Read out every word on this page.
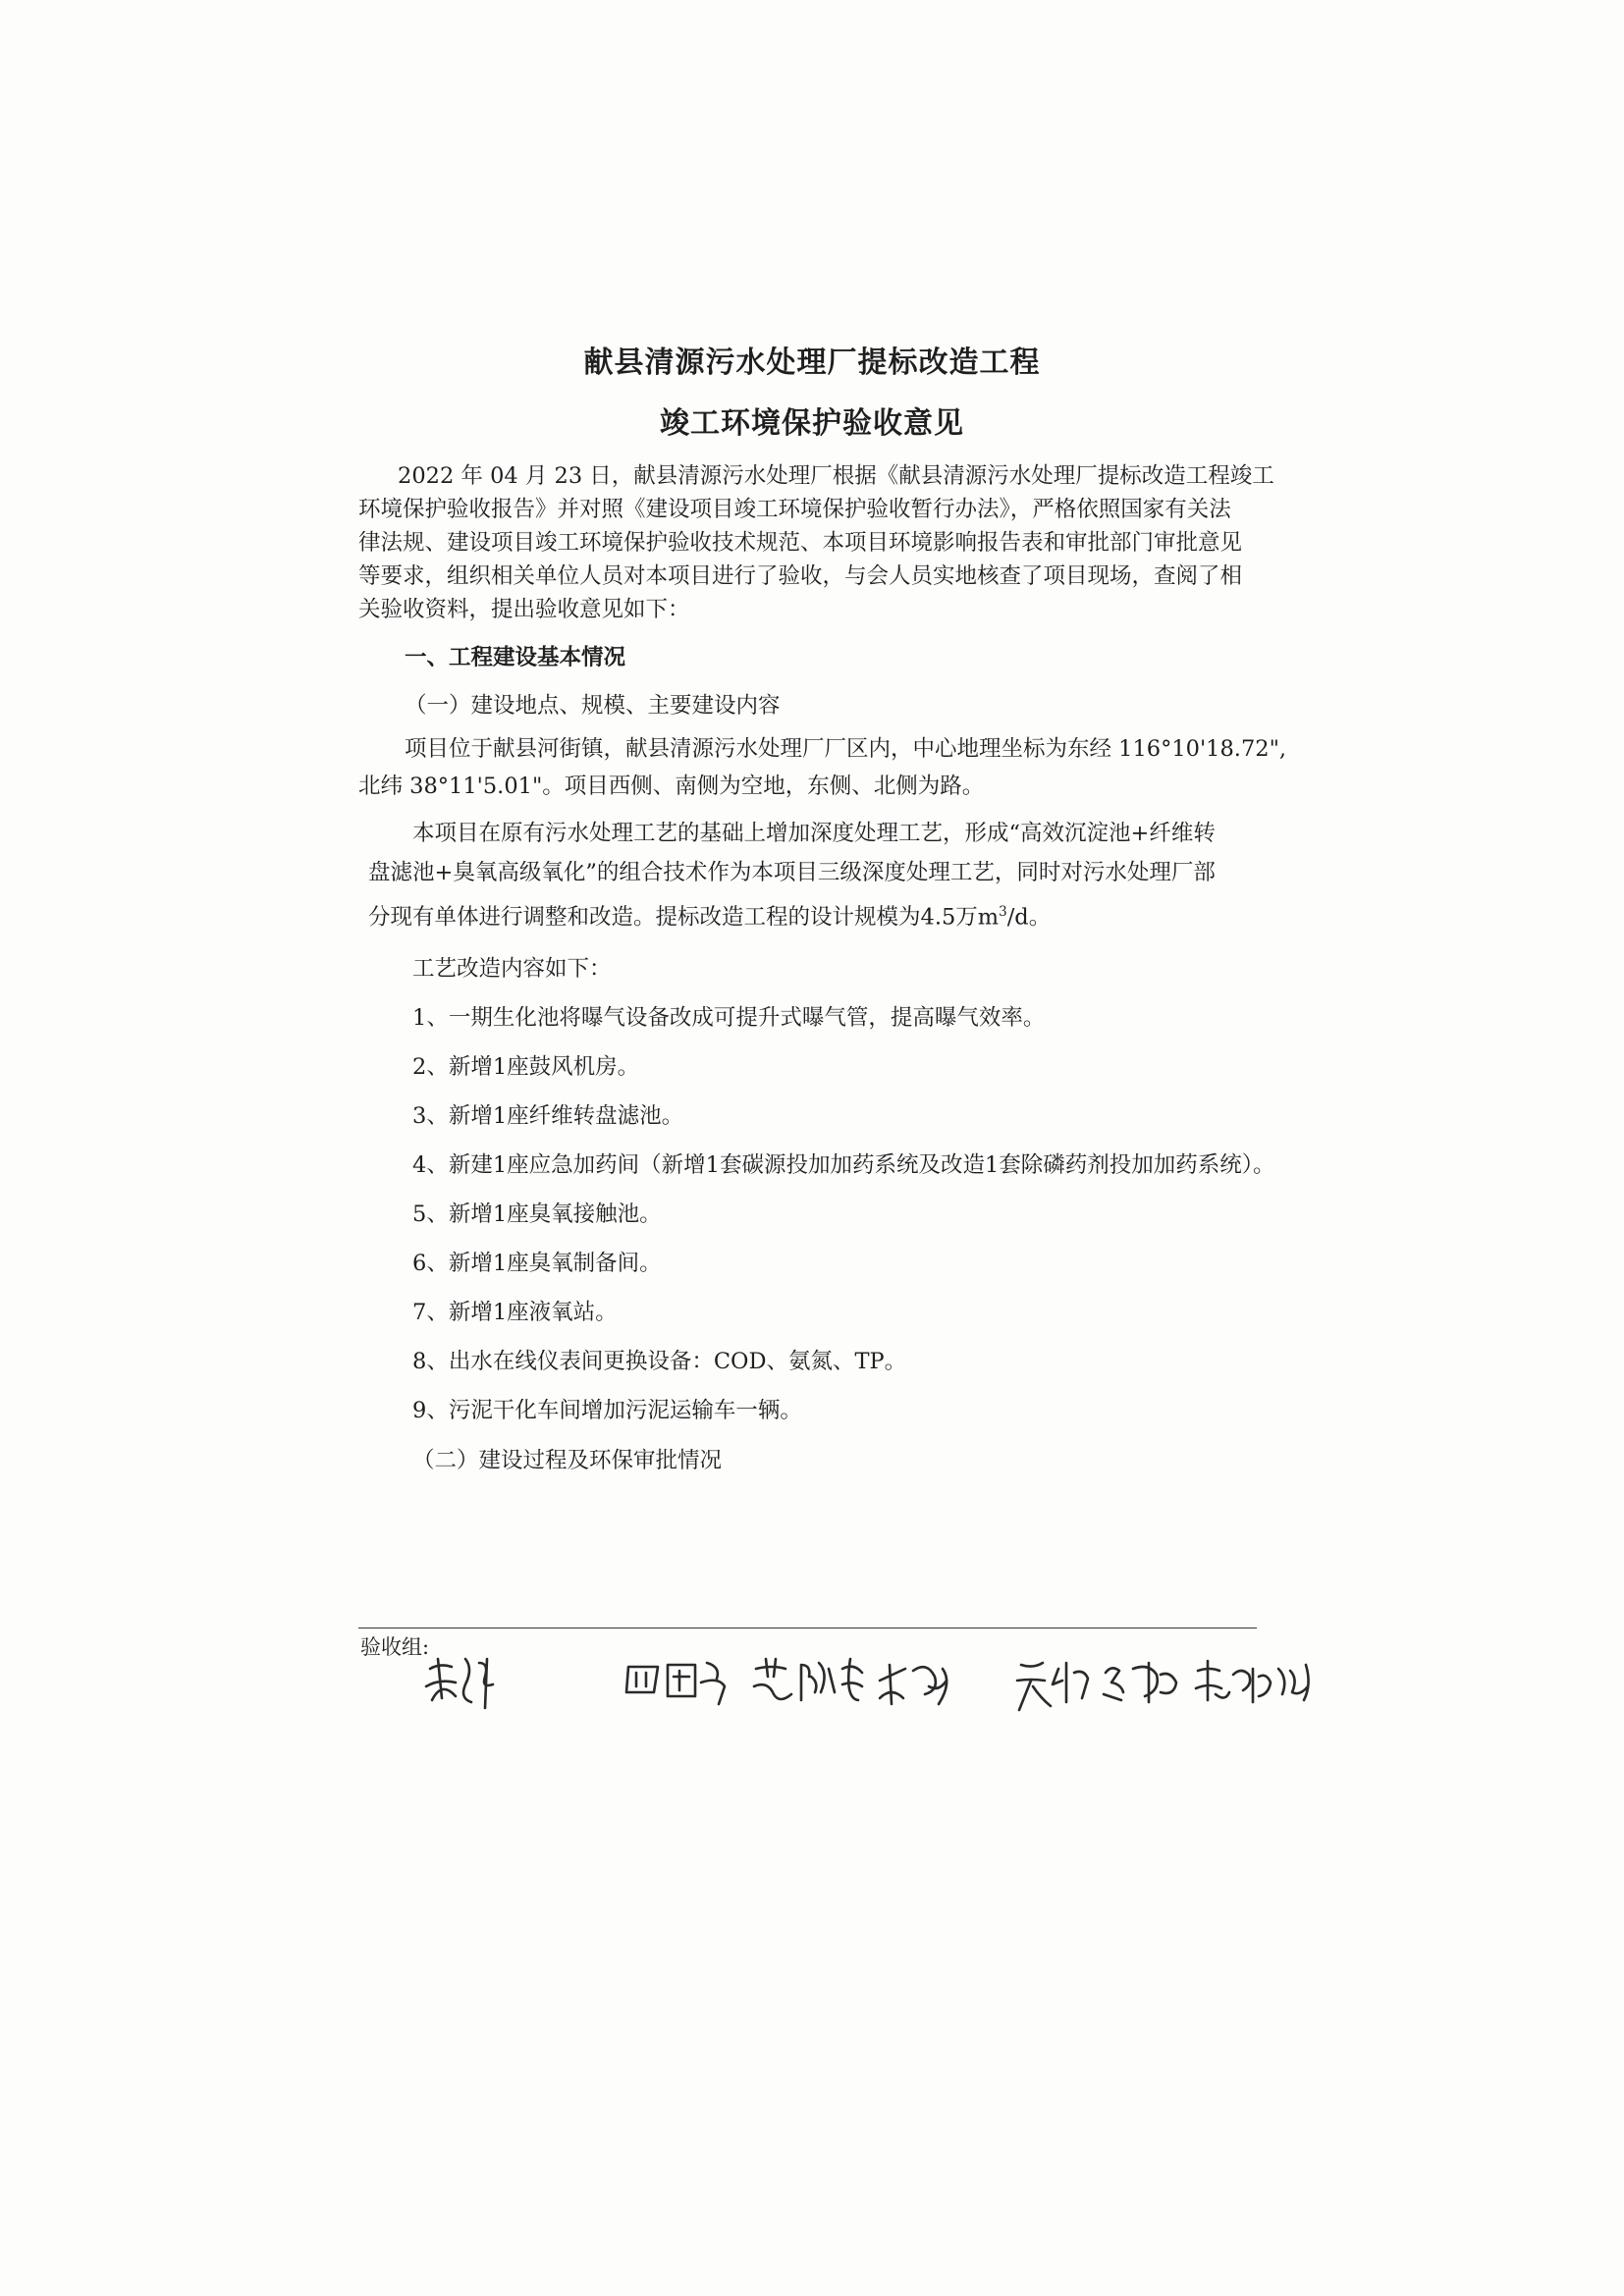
献县清源污水处理厂提标改造工程
竣工环境保护验收意见
2022 年 04 月 23 日，献县清源污水处理厂根据《献县清源污水处理厂提标改造工程竣工
环境保护验收报告》并对照《建设项目竣工环境保护验收暂行办法》，严格依照国家有关法
律法规、建设项目竣工环境保护验收技术规范、本项目环境影响报告表和审批部门审批意见
等要求，组织相关单位人员对本项目进行了验收，与会人员实地核查了项目现场，查阅了相
关验收资料，提出验收意见如下：
一、工程建设基本情况
（一）建设地点、规模、主要建设内容
项目位于献县河街镇，献县清源污水处理厂厂区内，中心地理坐标为东经 116°10'18.72",
北纬 38°11'5.01"。项目西侧、南侧为空地，东侧、北侧为路。
本项目在原有污水处理工艺的基础上增加深度处理工艺，形成“高效沉淀池+纤维转
盘滤池+臭氧高级氧化”的组合技术作为本项目三级深度处理工艺，同时对污水处理厂部
分现有单体进行调整和改造。提标改造工程的设计规模为4.5万$m^3/d$。
工艺改造内容如下：
1、一期生化池将曝气设备改成可提升式曝气管，提高曝气效率。
2、新增1座鼓风机房。
3、新增1座纤维转盘滤池。
4、新建1座应急加药间（新增1套碳源投加加药系统及改造1套除磷药剂投加加药系统）。
5、新增1座臭氧接触池。
6、新增1座臭氧制备间。
7、新增1座液氧站。
8、出水在线仪表间更换设备：COD、氨氮、TP。
9、污泥干化车间增加污泥运输车一辆。
（二）建设过程及环保审批情况
验收组:
